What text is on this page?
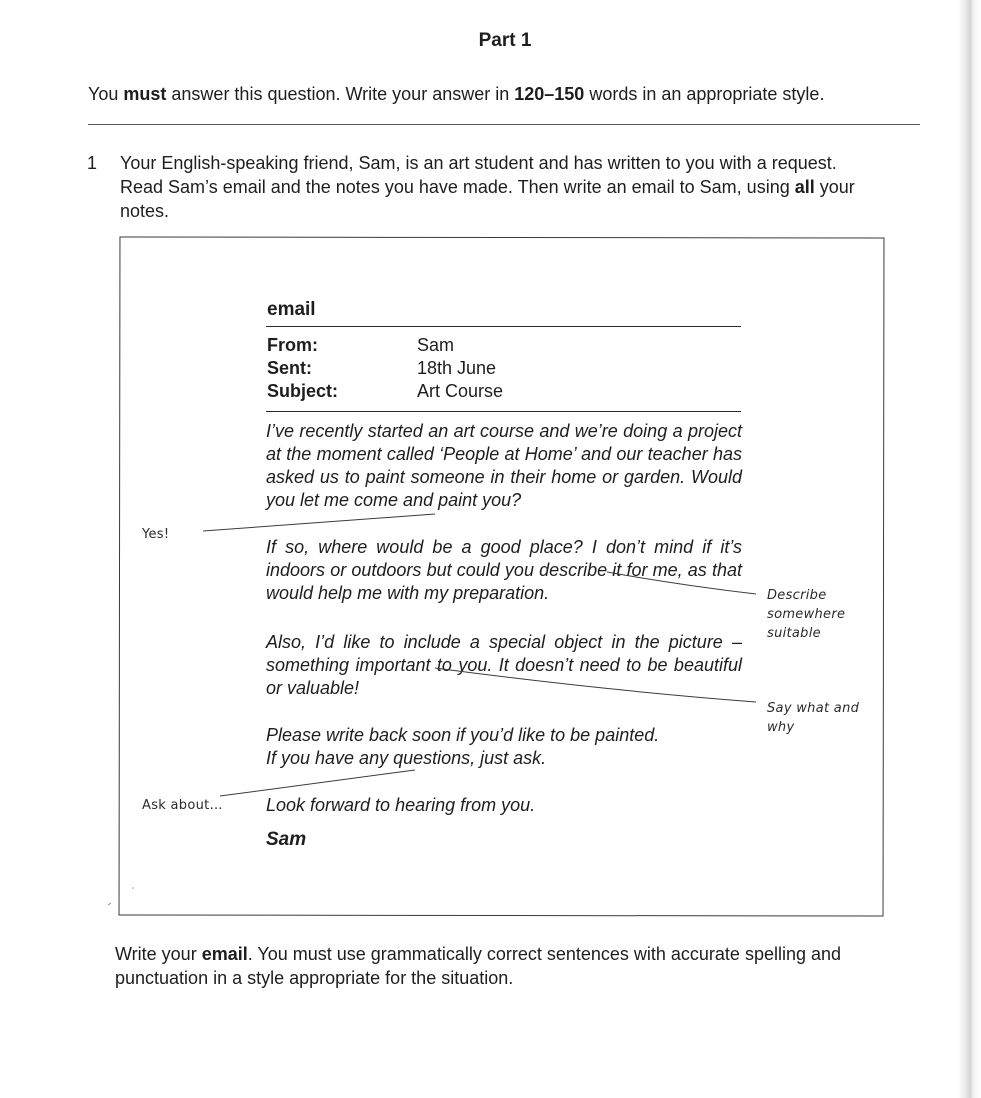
Part 1
You must answer this question. Write your answer in 120–150 words in an appropriate style.
1 Your English-speaking friend, Sam, is an art student and has written to you with a request.
Read Sam’s email and the notes you have made. Then write an email to Sam, using all your
notes.
email
From:	Sam
Sent:	18th June
Subject:	Art Course
I’ve recently started an art course and we’re doing a project at the moment called ‘People at Home’ and our teacher has asked us to paint someone in their home or garden. Would you let me come and paint you?
If so, where would be a good place? I don’t mind if it’s indoors or outdoors but could you describe it for me, as that would help me with my preparation.
Also, I’d like to include a special object in the picture – something important to you. It doesn’t need to be beautiful or valuable!
Please write back soon if you’d like to be painted.
If you have any questions, just ask.
Look forward to hearing from you.
Sam
Yes!
Describe
somewhere
suitable
Say what and
why
Ask about…
Write your email. You must use grammatically correct sentences with accurate spelling and
punctuation in a style appropriate for the situation.
